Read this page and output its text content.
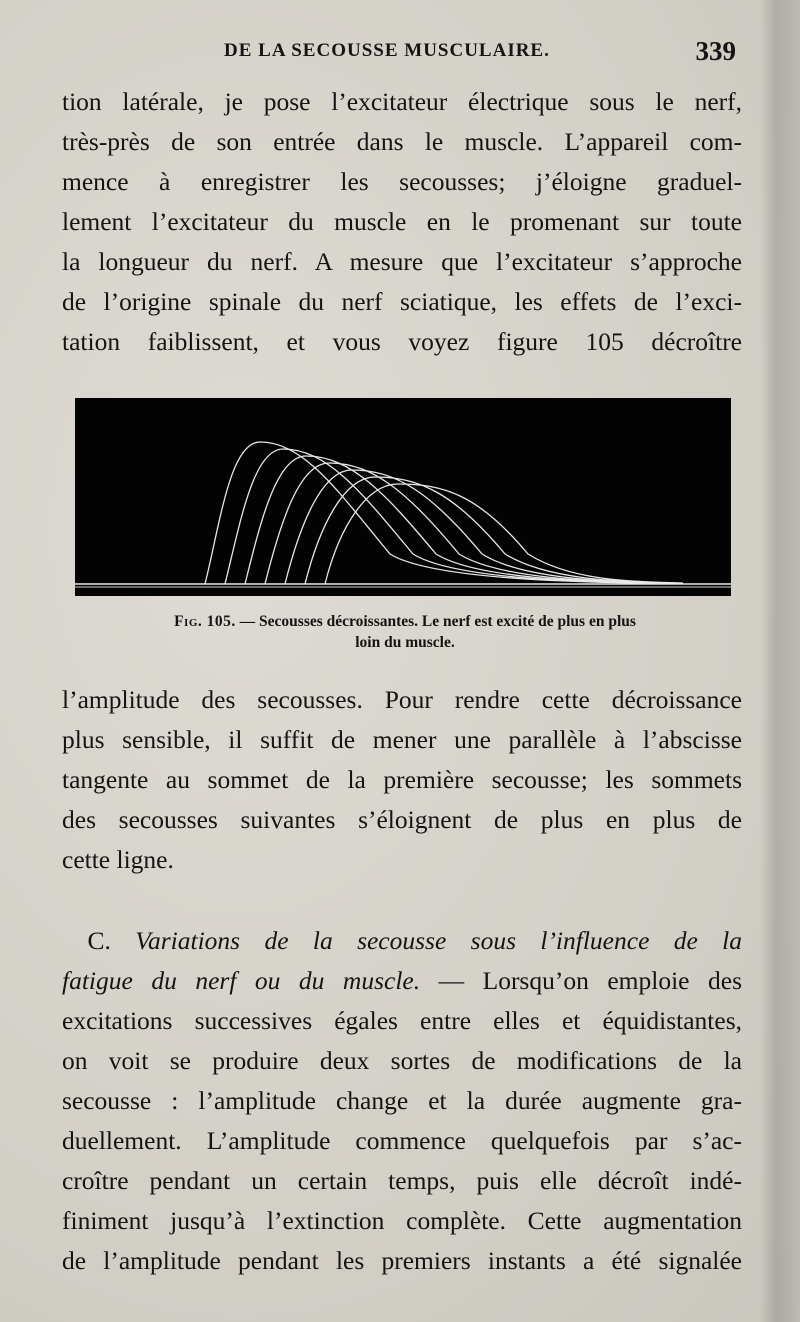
DE LA SECOUSSE MUSCULAIRE.	339
tion latérale, je pose l’excitateur électrique sous le nerf,
très-près de son entrée dans le muscle. L’appareil com-
mence à enregistrer les secousses; j’éloigne graduel-
lement l’excitateur du muscle en le promenant sur toute
la longueur du nerf. A mesure que l’excitateur s’approche
de l’origine spinale du nerf sciatique, les effets de l’exci-
tation faiblissent, et vous voyez figure 105 décroître
Fig. 105. — Secousses décroissantes. Le nerf est excité de plus en plus
loin du muscle.
l’amplitude des secousses. Pour rendre cette décroissance
plus sensible, il suffit de mener une parallèle à l’abscisse
tangente au sommet de la première secousse; les sommets
des secousses suivantes s’éloignent de plus en plus de
cette ligne.
 C. Variations de la secousse sous l’influence de la
fatigue du nerf ou du muscle. — Lorsqu’on emploie des
excitations successives égales entre elles et équidistantes,
on voit se produire deux sortes de modifications de la
secousse : l’amplitude change et la durée augmente gra-
duellement. L’amplitude commence quelquefois par s’ac-
croître pendant un certain temps, puis elle décroît indé-
finiment jusqu’à l’extinction complète. Cette augmentation
de l’amplitude pendant les premiers instants a été signalée
